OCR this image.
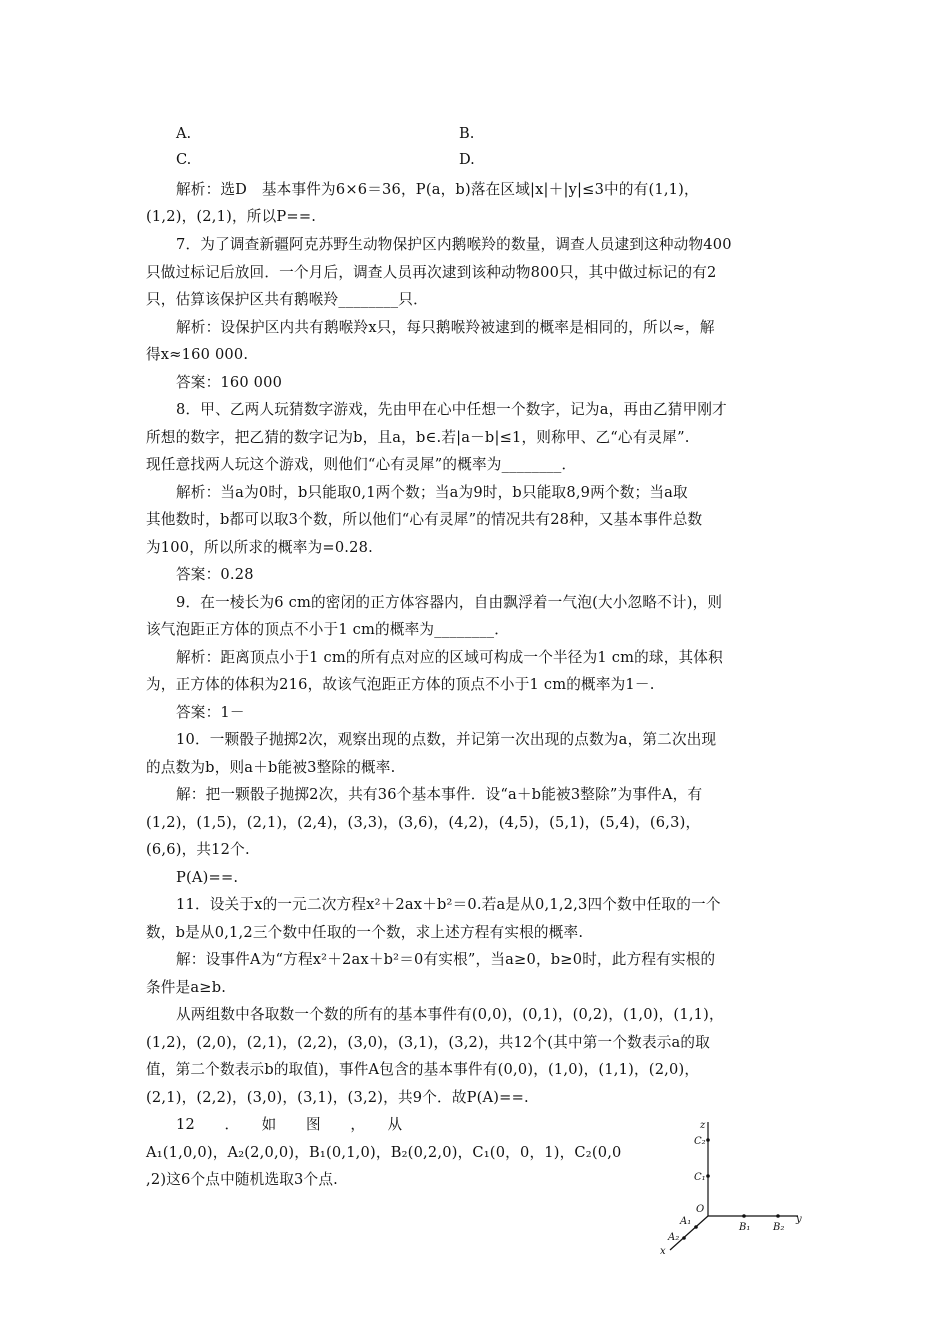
A.	B.
C.	D.
解析：选D　基本事件为6×6＝36，P(a，b)落在区域|x|＋|y|≤3中的有(1,1)，
(1,2)，(2,1)，所以P==.
7．为了调查新疆阿克苏野生动物保护区内鹅喉羚的数量，调查人员逮到这种动物400
只做过标记后放回．一个月后，调查人员再次逮到该种动物800只，其中做过标记的有2
只，估算该保护区共有鹅喉羚________只．
解析：设保护区内共有鹅喉羚x只，每只鹅喉羚被逮到的概率是相同的，所以≈，解
得x≈160 000.
答案：160 000
8．甲、乙两人玩猜数字游戏，先由甲在心中任想一个数字，记为a，再由乙猜甲刚才
所想的数字，把乙猜的数字记为b，且a，b∈.若|a－b|≤1，则称甲、乙“心有灵犀”.
现任意找两人玩这个游戏，则他们“心有灵犀”的概率为________．
解析：当a为0时，b只能取0,1两个数；当a为9时，b只能取8,9两个数；当a取
其他数时，b都可以取3个数，所以他们“心有灵犀”的情况共有28种，又基本事件总数
为100，所以所求的概率为=0.28.
答案：0.28
9．在一棱长为6 cm的密闭的正方体容器内，自由飘浮着一气泡(大小忽略不计)，则
该气泡距正方体的顶点不小于1 cm的概率为________．
解析：距离顶点小于1 cm的所有点对应的区域可构成一个半径为1 cm的球，其体积
为，正方体的体积为216，故该气泡距正方体的顶点不小于1 cm的概率为1－.
答案：1－
10．一颗骰子抛掷2次，观察出现的点数，并记第一次出现的点数为a，第二次出现
的点数为b，则a＋b能被3整除的概率.
解：把一颗骰子抛掷2次，共有36个基本事件．设“a＋b能被3整除”为事件A，有
(1,2)，(1,5)，(2,1)，(2,4)，(3,3)，(3,6)，(4,2)，(4,5)，(5,1)，(5,4)，(6,3)，
(6,6)，共12个.
P(A)==.
11．设关于x的一元二次方程x²＋2ax＋b²＝0.若a是从0,1,2,3四个数中任取的一个
数，b是从0,1,2三个数中任取的一个数，求上述方程有实根的概率.
解：设事件A为“方程x²＋2ax＋b²＝0有实根”，当a≥0，b≥0时，此方程有实根的
条件是a≥b.
从两组数中各取数一个数的所有的基本事件有(0,0)，(0,1)，(0,2)，(1,0)，(1,1)，
(1,2)，(2,0)，(2,1)，(2,2)，(3,0)，(3,1)，(3,2)，共12个(其中第一个数表示a的取
值，第二个数表示b的取值)，事件A包含的基本事件有(0,0)，(1,0)，(1,1)，(2,0)，
(2,1)，(2,2)，(3,0)，(3,1)，(3,2)，共9个．故P(A)==.
12　　．　　如　　图　　，　　从
A₁(1,0,0)，A₂(2,0,0)，B₁(0,1,0)，B₂(0,2,0)，C₁(0，0，1)，C₂(0,0
,2)这6个点中随机选取3个点.
z
C₂
C₁
O
A₁
B₁ B₂
y
A₂
x
